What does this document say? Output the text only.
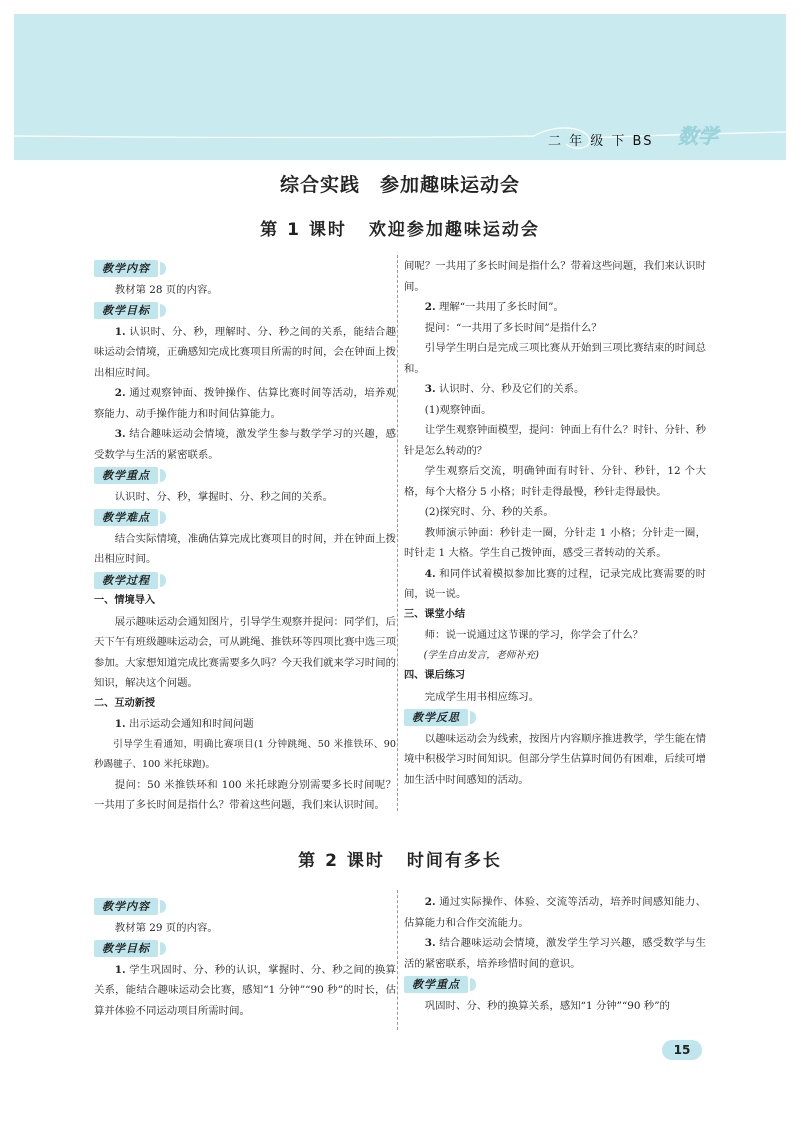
二 年 级 下 BS 数学
综合实践　参加趣味运动会
第 1 课时 欢迎参加趣味运动会
教学内容

教材第 28 页的内容。

教学目标

1. 认识时、分、秒，理解时、分、秒之间的关系，能结合趣味运动会情境，正确感知完成比赛项目所需的时间，会在钟面上拨出相应时间。

2. 通过观察钟面、拨钟操作、估算比赛时间等活动，培养观察能力、动手操作能力和时间估算能力。

3. 结合趣味运动会情境，激发学生参与数学学习的兴趣，感受数学与生活的紧密联系。

教学重点

认识时、分、秒，掌握时、分、秒之间的关系。

教学难点

结合实际情境，准确估算完成比赛项目的时间，并在钟面上拨出相应时间。

教学过程

一、情境导入

展示趣味运动会通知图片，引导学生观察并提问：同学们，后天下午有班级趣味运动会，可从跳绳、推铁环等四项比赛中选三项参加。大家想知道完成比赛需要多久吗？今天我们就来学习时间的知识，解决这个问题。

二、互动新授

1. 出示运动会通知和时间问题

引导学生看通知，明确比赛项目(1 分钟跳绳、50 米推铁环、90 秒踢毽子、100 米托球跑)。

提问：50 米推铁环和 100 米托球跑分别需要多长时间呢？一共用了多长时间是指什么？带着这些问题，我们来认识时间。

间呢？一共用了多长时间是指什么？带着这些问题，我们来认识时间。

2. 理解“一共用了多长时间”。

提问：“一共用了多长时间”是指什么？

引导学生明白是完成三项比赛从开始到三项比赛结束的时间总和。

3. 认识时、分、秒及它们的关系。

(1)观察钟面。

让学生观察钟面模型，提问：钟面上有什么？时针、分针、秒针是怎么转动的？

学生观察后交流，明确钟面有时针、分针、秒针，12 个大格，每个大格分 5 小格；时针走得最慢，秒针走得最快。

(2)探究时、分、秒的关系。

教师演示钟面：秒针走一圈，分针走 1 小格；分针走一圈，时针走 1 大格。学生自己拨钟面，感受三者转动的关系。

4. 和同伴试着模拟参加比赛的过程，记录完成比赛需要的时间，说一说。

三、课堂小结

师：说一说通过这节课的学习，你学会了什么？

(学生自由发言，老师补充)

四、课后练习

完成学生用书相应练习。

教学反思

以趣味运动会为线索，按图片内容顺序推进教学，学生能在情境中积极学习时间知识。但部分学生估算时间仍有困难，后续可增加生活中时间感知的活动。

第 2 课时 时间有多长
教学内容

教材第 29 页的内容。

教学目标

1. 学生巩固时、分、秒的认识，掌握时、分、秒之间的换算关系，能结合趣味运动会比赛，感知“1 分钟”“90 秒”的时长，估算并体验不同运动项目所需时间。

2. 通过实际操作、体验、交流等活动，培养时间感知能力、估算能力和合作交流能力。

3. 结合趣味运动会情境，激发学生学习兴趣，感受数学与生活的紧密联系，培养珍惜时间的意识。

教学重点

巩固时、分、秒的换算关系，感知“1 分钟”“90 秒”的

15
